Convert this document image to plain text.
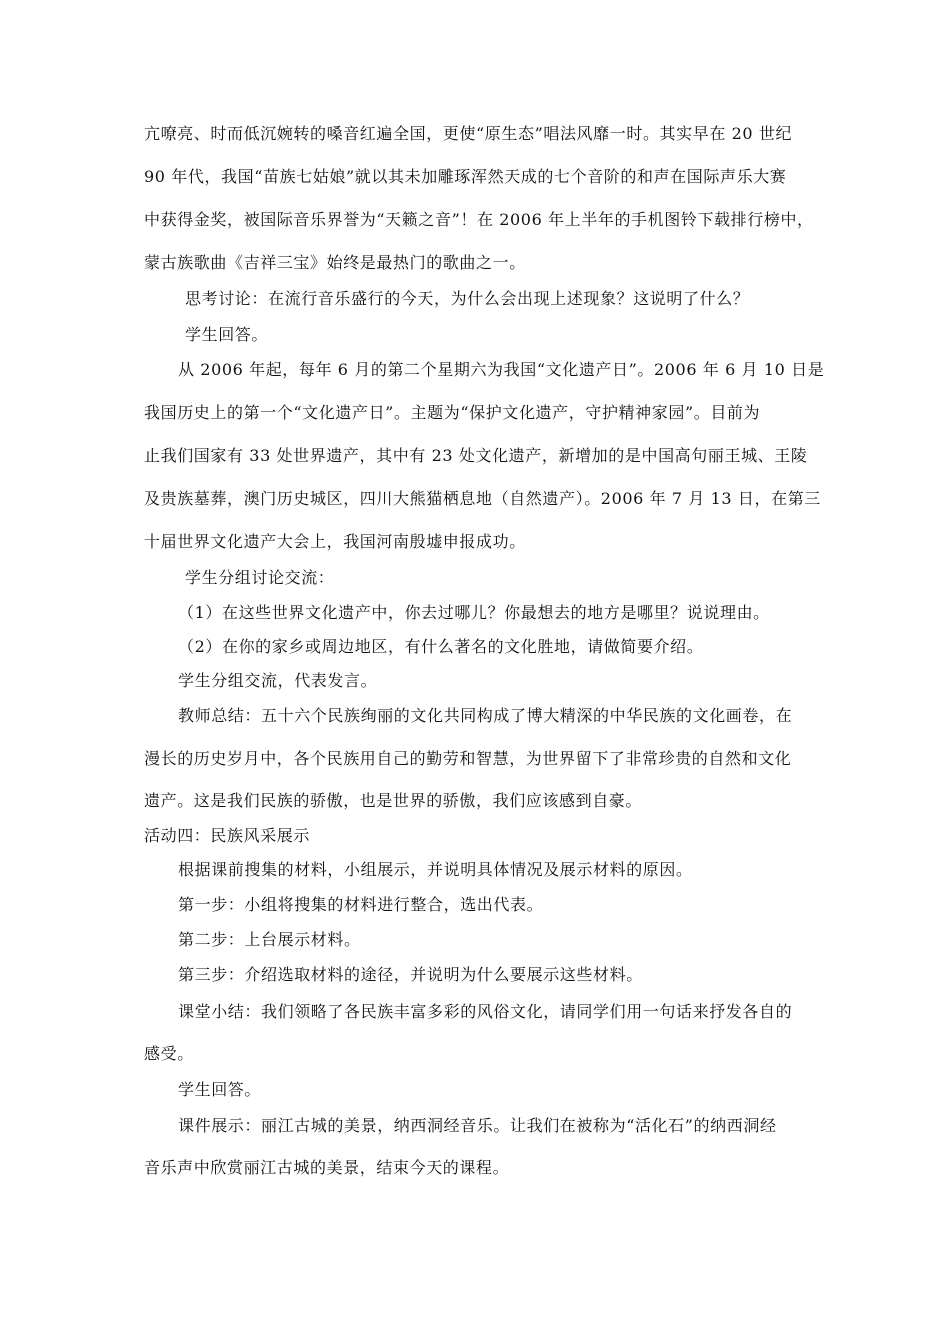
亢嘹亮、时而低沉婉转的嗓音红遍全国，更使“原生态”唱法风靡一时。其实早在 20 世纪
90 年代，我国“苗族七姑娘”就以其未加雕琢浑然天成的七个音阶的和声在国际声乐大赛
中获得金奖，被国际音乐界誉为“天籁之音”！在 2006 年上半年的手机图铃下载排行榜中，
蒙古族歌曲《吉祥三宝》始终是最热门的歌曲之一。
思考讨论：在流行音乐盛行的今天，为什么会出现上述现象？这说明了什么？
学生回答。
从 2006 年起，每年 6 月的第二个星期六为我国“文化遗产日”。2006 年 6 月 10 日是
我国历史上的第一个“文化遗产日”。主题为“保护文化遗产，守护精神家园”。目前为
止我们国家有 33 处世界遗产，其中有 23 处文化遗产，新增加的是中国高句丽王城、王陵
及贵族墓葬，澳门历史城区，四川大熊猫栖息地（自然遗产）。2006 年 7 月 13 日，在第三
十届世界文化遗产大会上，我国河南殷墟申报成功。
学生分组讨论交流：
（1）在这些世界文化遗产中，你去过哪儿？你最想去的地方是哪里？说说理由。
（2）在你的家乡或周边地区，有什么著名的文化胜地，请做简要介绍。
学生分组交流，代表发言。
教师总结：五十六个民族绚丽的文化共同构成了博大精深的中华民族的文化画卷，在
漫长的历史岁月中，各个民族用自己的勤劳和智慧，为世界留下了非常珍贵的自然和文化
遗产。这是我们民族的骄傲，也是世界的骄傲，我们应该感到自豪。
活动四：民族风采展示
根据课前搜集的材料，小组展示，并说明具体情况及展示材料的原因。
第一步：小组将搜集的材料进行整合，选出代表。
第二步：上台展示材料。
第三步：介绍选取材料的途径，并说明为什么要展示这些材料。
课堂小结：我们领略了各民族丰富多彩的风俗文化，请同学们用一句话来抒发各自的
感受。
学生回答。
课件展示：丽江古城的美景，纳西洞经音乐。让我们在被称为“活化石”的纳西洞经
音乐声中欣赏丽江古城的美景，结束今天的课程。
